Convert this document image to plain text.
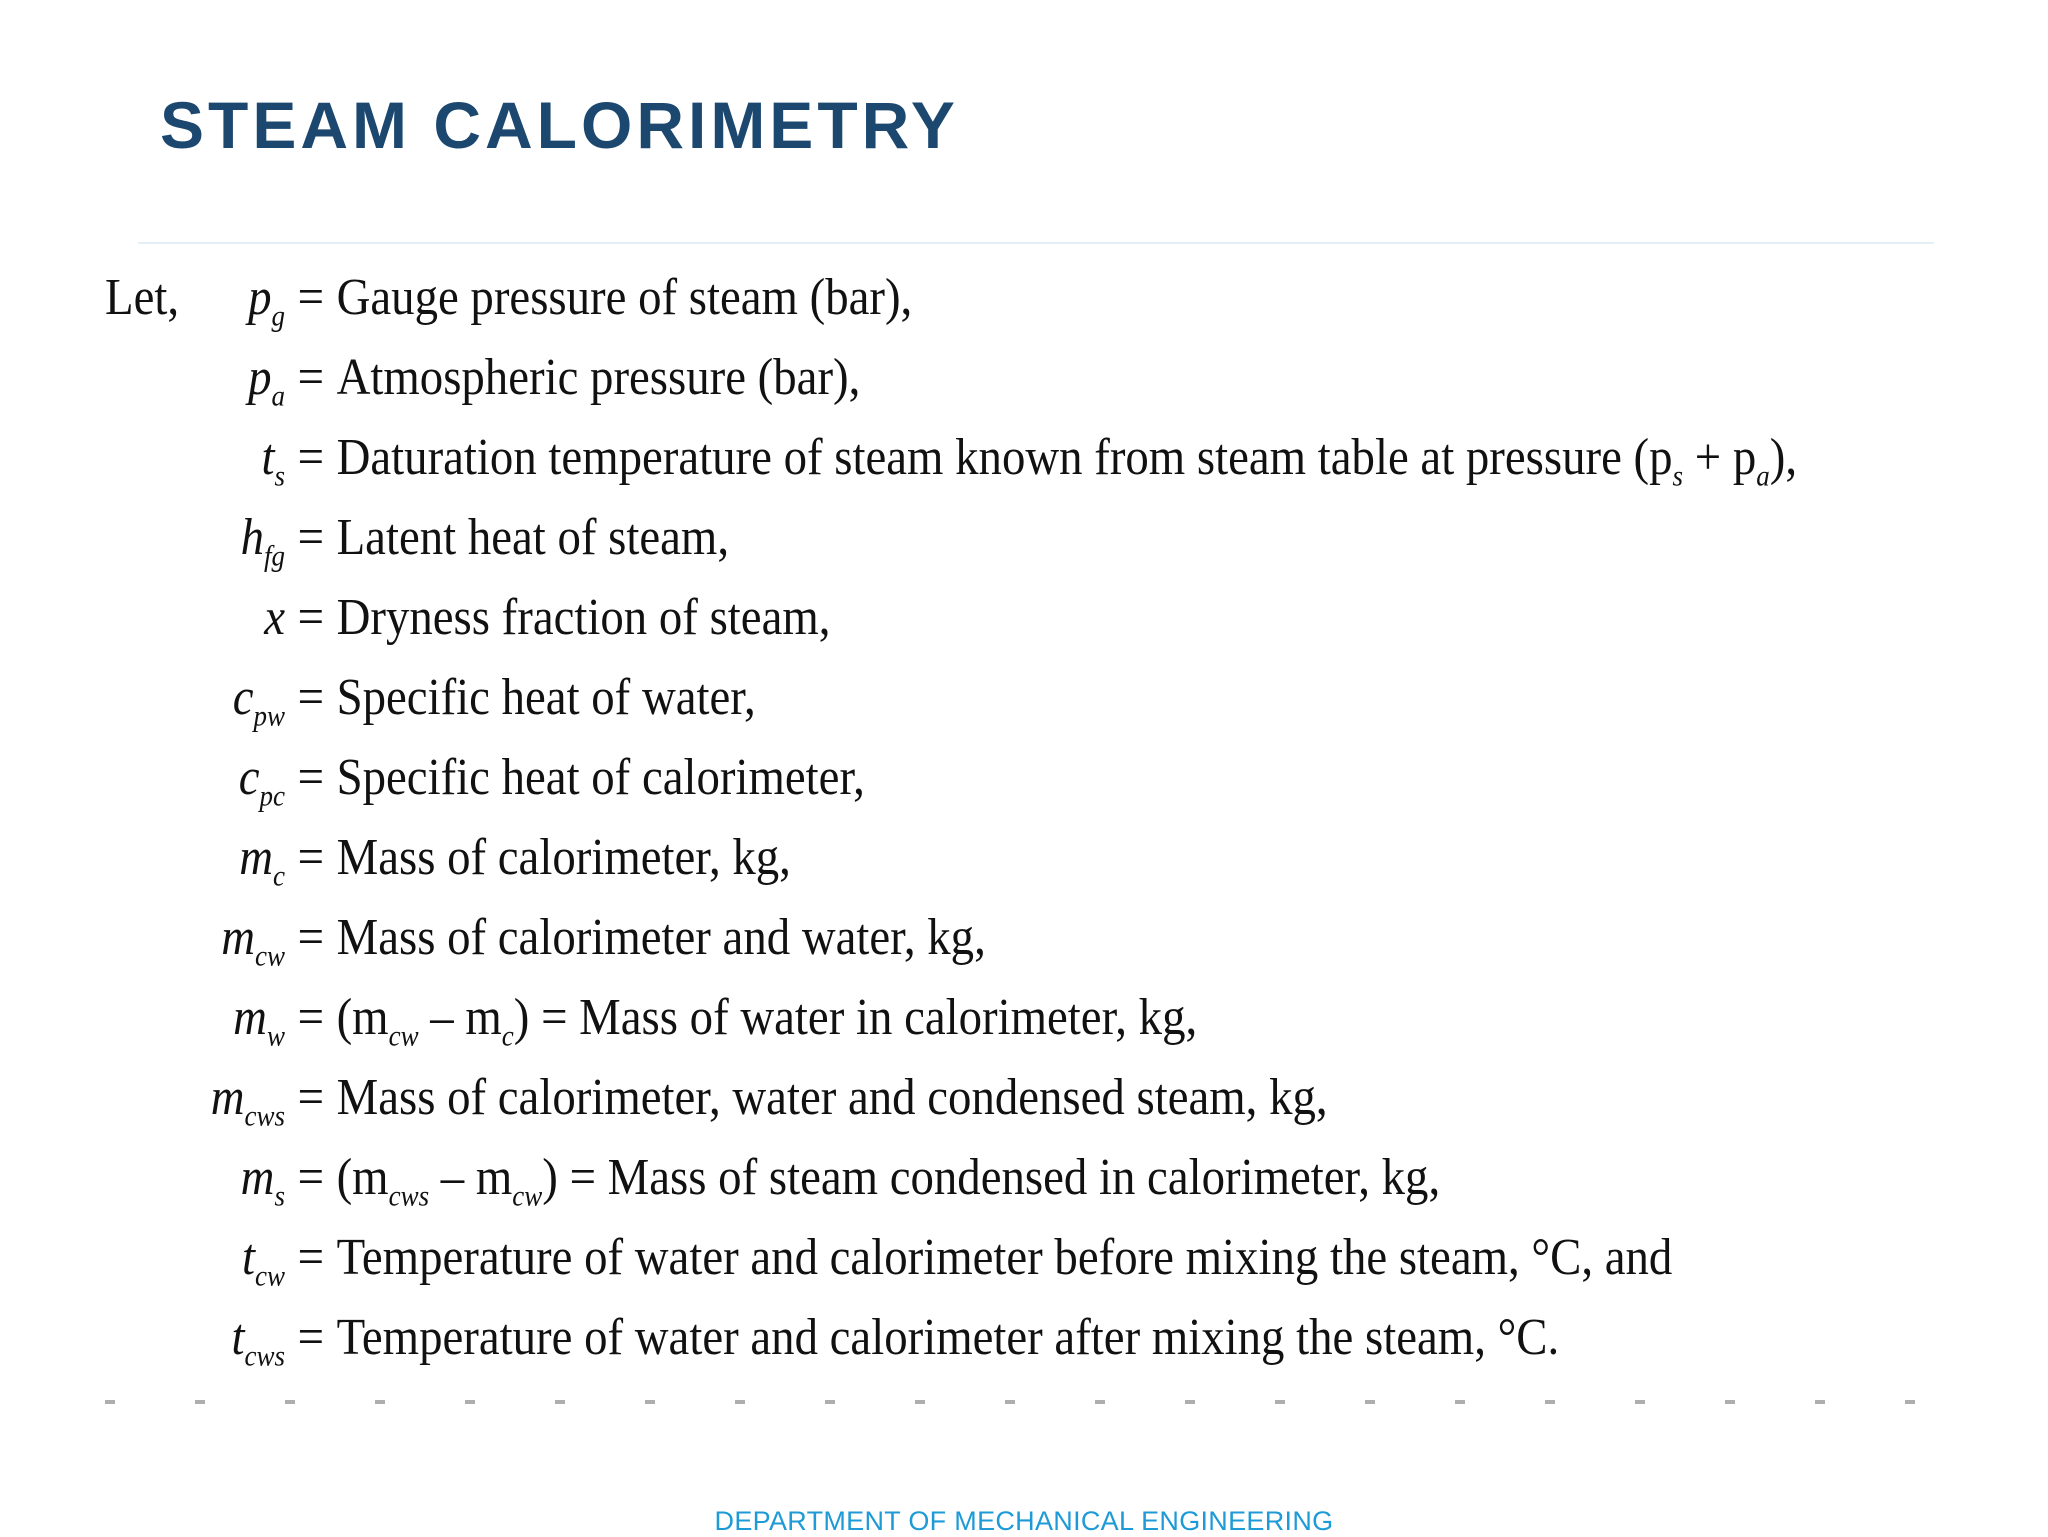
STEAM CALORIMETRY
Let,	$p_g$ = Gauge pressure of steam (bar),
$p_a$ = Atmospheric pressure (bar),
$t_s$ = Daturation temperature of steam known from steam table at pressure $(p_s + p_a)$,
$h_{fg}$ = Latent heat of steam,
x = Dryness fraction of steam,
$c_{pw}$ = Specific heat of water,
$c_{pc}$ = Specific heat of calorimeter,
$m_c$ = Mass of calorimeter, kg,
$m_{cw}$ = Mass of calorimeter and water, kg,
$m_w = (m_{cw} - m_c)$ = Mass of water in calorimeter, kg,
$m_{cws}$ = Mass of calorimeter, water and condensed steam, kg,
$m_s = (m_{cws} - m_{cw})$ = Mass of steam condensed in calorimeter, kg,
$t_{cw}$ = Temperature of water and calorimeter before mixing the steam, °C, and
$t_{cws}$ = Temperature of water and calorimeter after mixing the steam, °C.
DEPARTMENT OF MECHANICAL ENGINEERING
